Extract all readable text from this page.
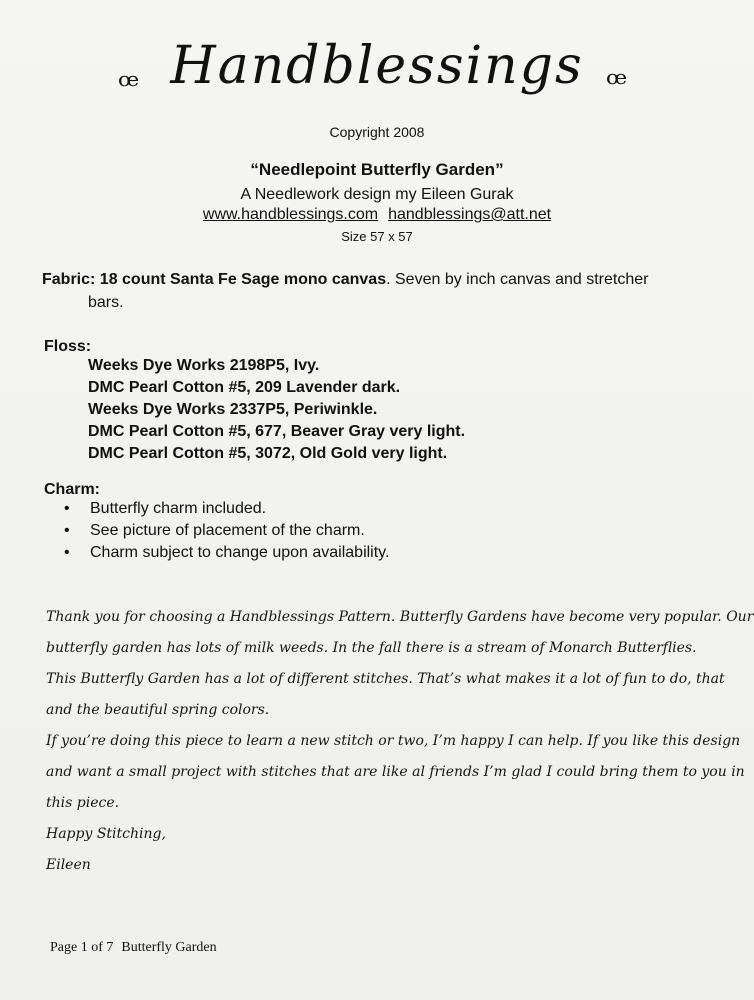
ꟹ Handblessings ꟹ
Copyright 2008
“Needlepoint Butterfly Garden”
A Needlework design my Eileen Gurak
www.handblessings.com handblessings@att.net
Size 57 x 57
Fabric: 18 count Santa Fe Sage mono canvas. Seven by inch canvas and stretcher
bars.
Floss:
Weeks Dye Works 2198P5, Ivy.
DMC Pearl Cotton #5, 209 Lavender dark.
Weeks Dye Works 2337P5, Periwinkle.
DMC Pearl Cotton #5, 677, Beaver Gray very light.
DMC Pearl Cotton #5, 3072, Old Gold very light.
Charm:
• Butterfly charm included.
• See picture of placement of the charm.
• Charm subject to change upon availability.

Thank you for choosing a Handblessings Pattern. Butterfly Gardens have become very popular. Our

butterfly garden has lots of milk weeds. In the fall there is a stream of Monarch Butterflies.

This Butterfly Garden has a lot of different stitches. That’s what makes it a lot of fun to do, that

and the beautiful spring colors.

If you’re doing this piece to learn a new stitch or two, I’m happy I can help. If you like this design

and want a small project with stitches that are like al friends I’m glad I could bring them to you in

this piece.

Happy Stitching,

Eileen

Page 1 of 7 Butterfly Garden
